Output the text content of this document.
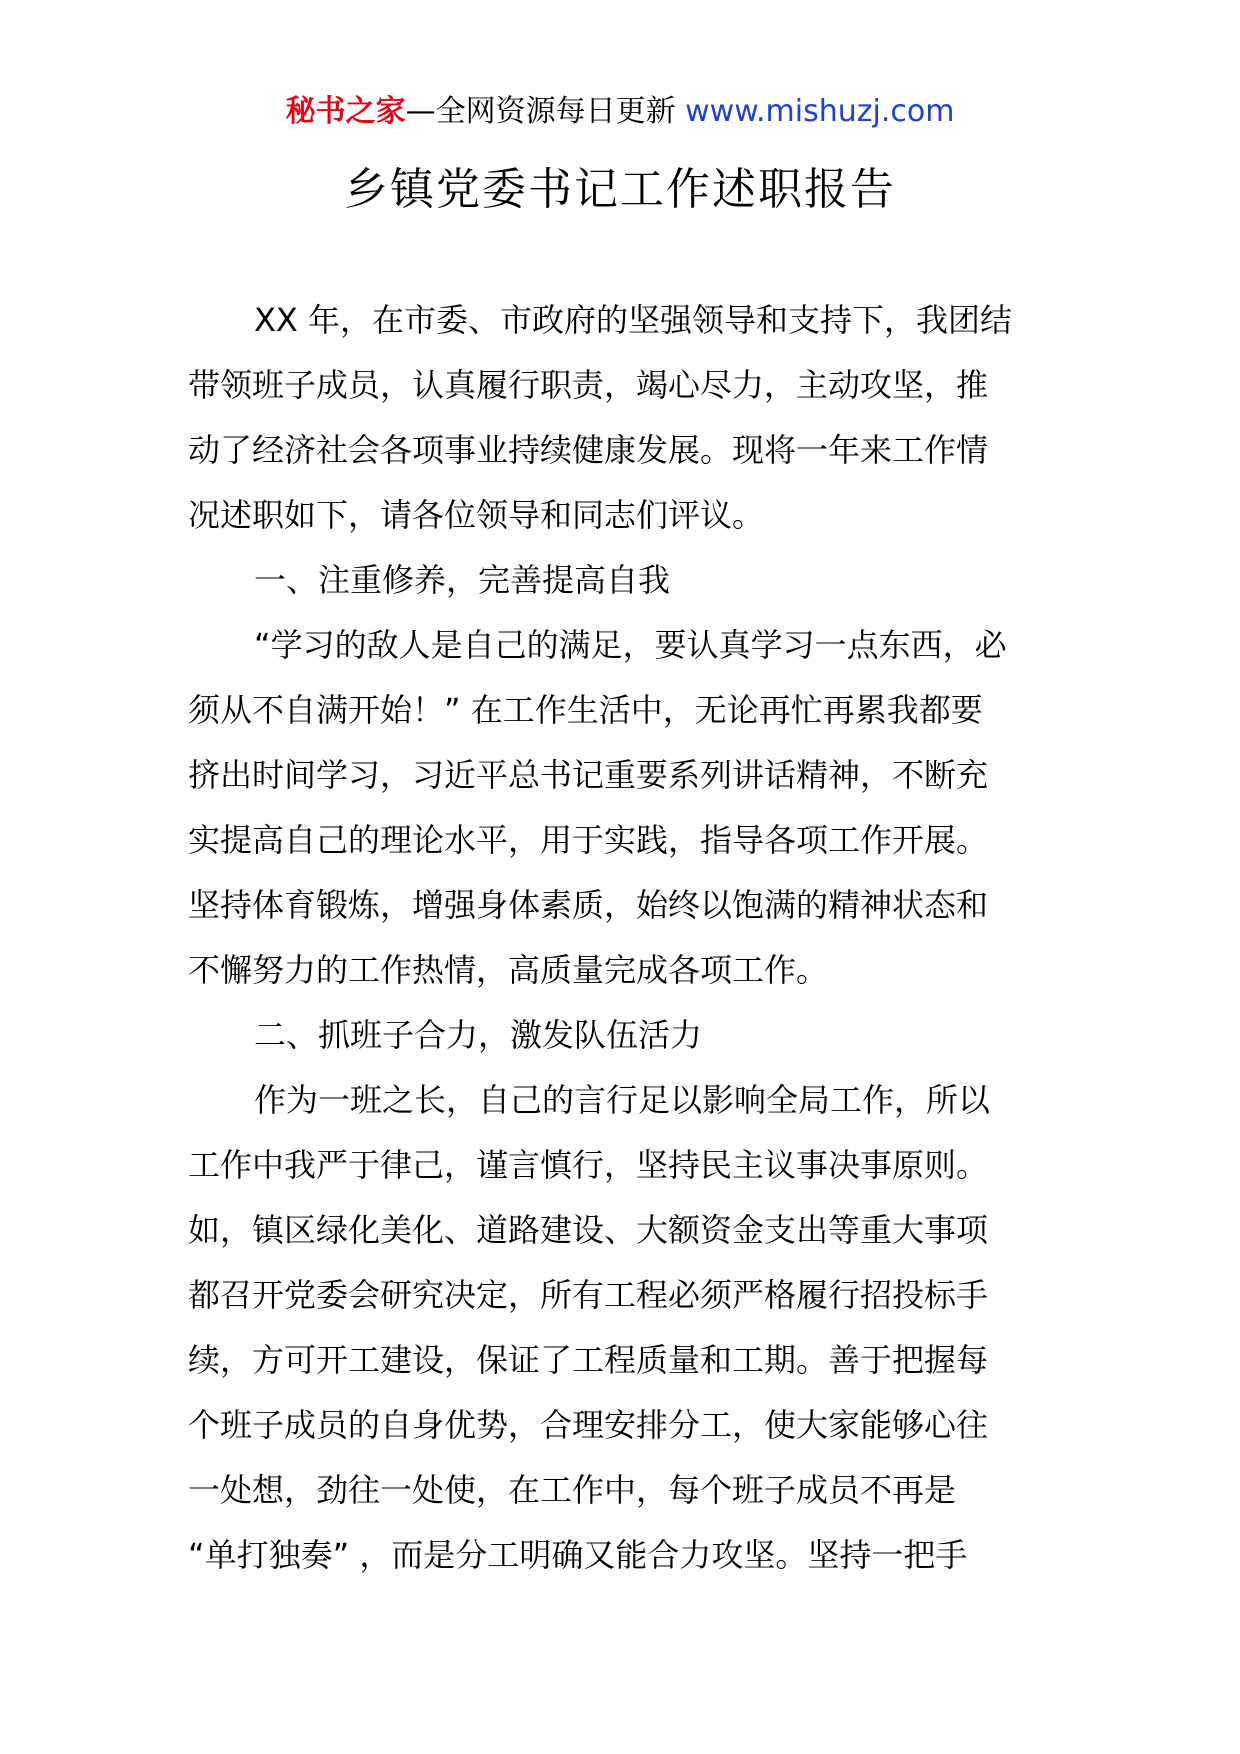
秘书之家—全网资源每日更新 www.mishuzj.com
乡镇党委书记工作述职报告
XX 年，在市委、市政府的坚强领导和支持下，我团结
带领班子成员，认真履行职责，竭心尽力，主动攻坚，推
动了经济社会各项事业持续健康发展。现将一年来工作情
况述职如下，请各位领导和同志们评议。
一、注重修养，完善提高自我
“学习的敌人是自己的满足，要认真学习一点东西，必
须从不自满开始！” 在工作生活中，无论再忙再累我都要
挤出时间学习，习近平总书记重要系列讲话精神，不断充
实提高自己的理论水平，用于实践，指导各项工作开展。
坚持体育锻炼，增强身体素质，始终以饱满的精神状态和
不懈努力的工作热情，高质量完成各项工作。
二、抓班子合力，激发队伍活力
作为一班之长，自己的言行足以影响全局工作，所以
工作中我严于律己，谨言慎行，坚持民主议事决事原则。
如，镇区绿化美化、道路建设、大额资金支出等重大事项
都召开党委会研究决定，所有工程必须严格履行招投标手
续，方可开工建设，保证了工程质量和工期。善于把握每
个班子成员的自身优势，合理安排分工，使大家能够心往
一处想，劲往一处使，在工作中，每个班子成员不再是
“单打独奏” ，而是分工明确又能合力攻坚。坚持一把手
